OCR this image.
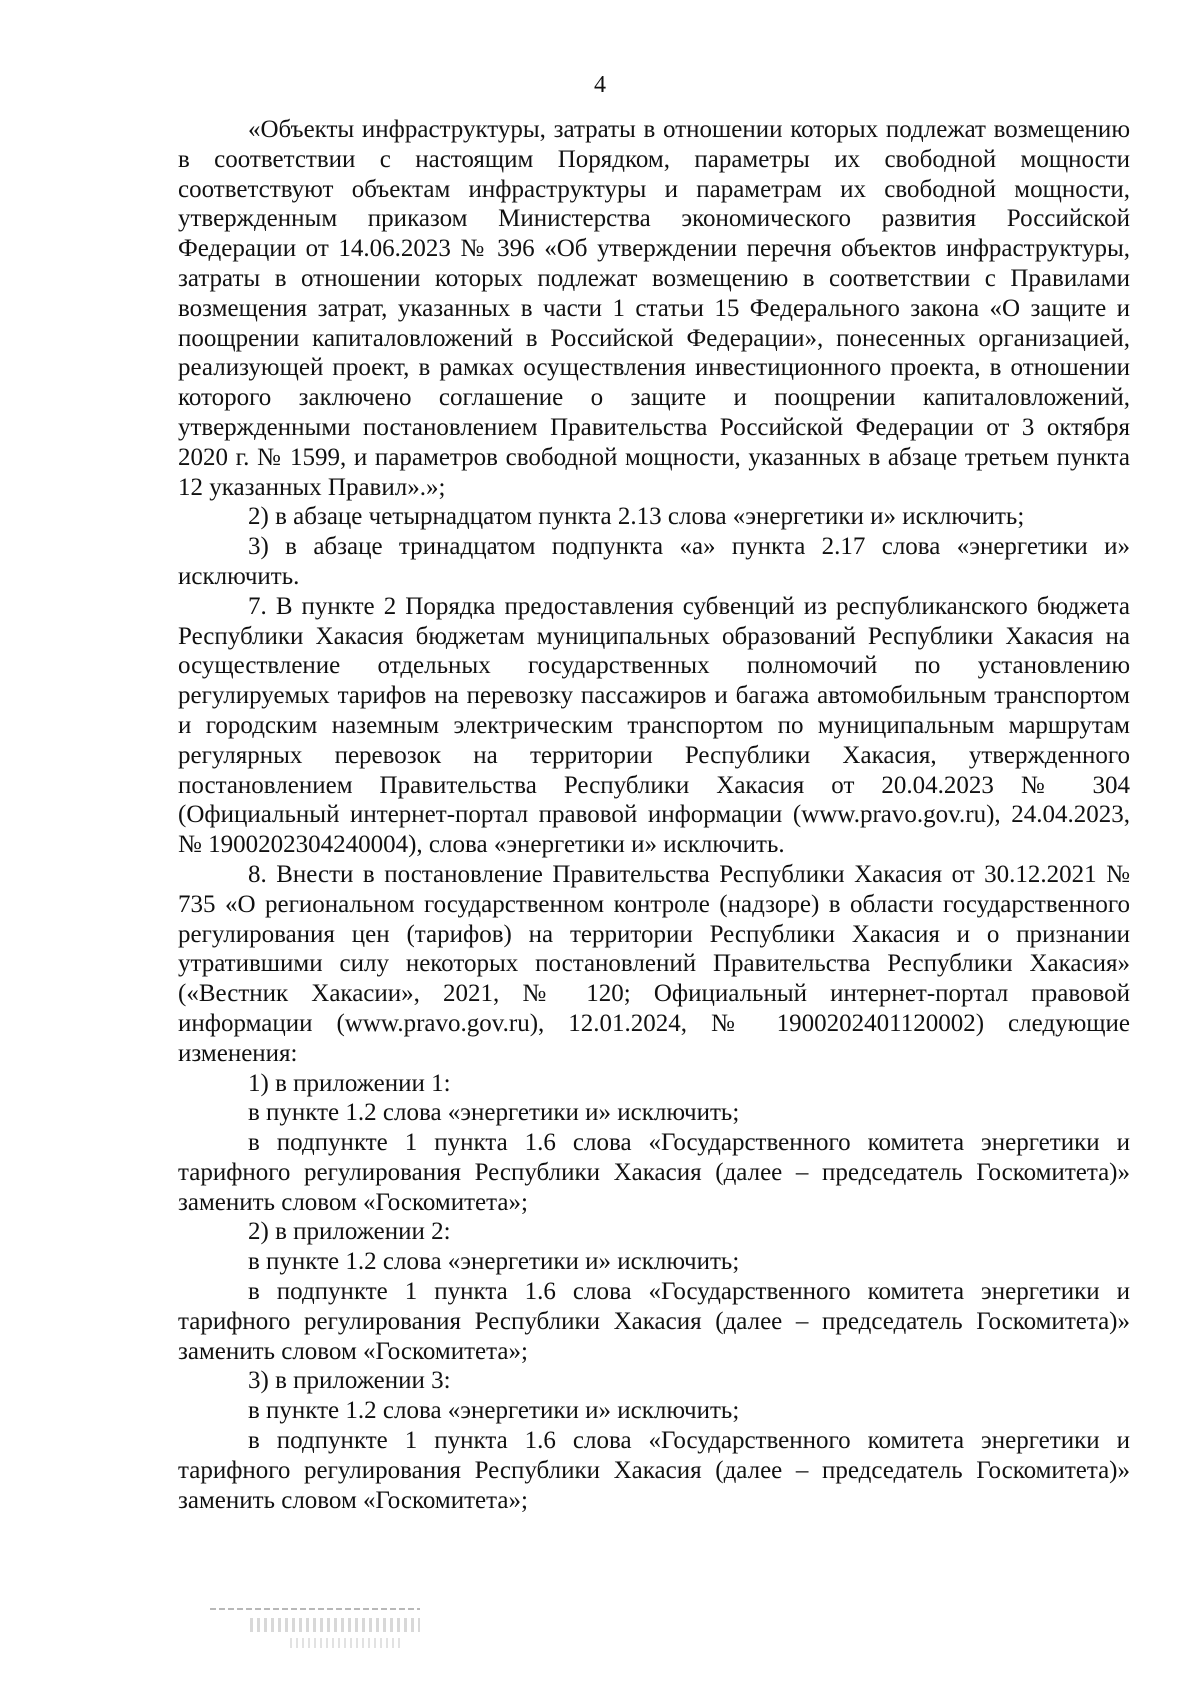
4

«Объекты инфраструктуры, затраты в отношении которых подлежат возмещению в соответствии с настоящим Порядком, параметры их свободной мощности соответствуют объектам инфраструктуры и параметрам их свободной мощности, утвержденным приказом Министерства экономического развития Российской Федерации от 14.06.2023 № 396 «Об утверждении перечня объектов инфраструктуры, затраты в отношении которых подлежат возмещению в соответствии с Правилами возмещения затрат, указанных в части 1 статьи 15 Федерального закона «О защите и поощрении капиталовложений в Российской Федерации», понесенных организацией, реализующей проект, в рамках осуществления инвестиционного проекта, в отношении которого заключено соглашение о защите и поощрении капиталовложений, утвержденными постановлением Правительства Российской Федерации от 3 октября 2020 г. № 1599, и параметров свободной мощности, указанных в абзаце третьем пункта 12 указанных Правил».»;

2) в абзаце четырнадцатом пункта 2.13 слова «энергетики и» исключить;

3) в абзаце тринадцатом подпункта «а» пункта 2.17 слова «энергетики и» исключить.

7. В пункте 2 Порядка предоставления субвенций из республиканского бюджета Республики Хакасия бюджетам муниципальных образований Республики Хакасия на осуществление отдельных государственных полномочий по установлению регулируемых тарифов на перевозку пассажиров и багажа автомобильным транспортом и городским наземным электрическим транспортом по муниципальным маршрутам регулярных перевозок на территории Республики Хакасия, утвержденного постановлением Правительства Республики Хакасия от 20.04.2023 № 304 (Официальный интернет-портал правовой информации (www.pravo.gov.ru), 24.04.2023, № 1900202304240004), слова «энергетики и» исключить.

8. Внести в постановление Правительства Республики Хакасия от 30.12.2021 № 735 «О региональном государственном контроле (надзоре) в области государственного регулирования цен (тарифов) на территории Республики Хакасия и о признании утратившими силу некоторых постановлений Правительства Республики Хакасия» («Вестник Хакасии», 2021, № 120; Официальный интернет-портал правовой информации (www.pravo.gov.ru), 12.01.2024, № 1900202401120002) следующие изменения:

1) в приложении 1:

в пункте 1.2 слова «энергетики и» исключить;

в подпункте 1 пункта 1.6 слова «Государственного комитета энергетики и тарифного регулирования Республики Хакасия (далее – председатель Госкомитета)» заменить словом «Госкомитета»;

2) в приложении 2:

в пункте 1.2 слова «энергетики и» исключить;

в подпункте 1 пункта 1.6 слова «Государственного комитета энергетики и тарифного регулирования Республики Хакасия (далее – председатель Госкомитета)» заменить словом «Госкомитета»;

3) в приложении 3:

в пункте 1.2 слова «энергетики и» исключить;

в подпункте 1 пункта 1.6 слова «Государственного комитета энергетики и тарифного регулирования Республики Хакасия (далее – председатель Госкомитета)» заменить словом «Госкомитета»;
